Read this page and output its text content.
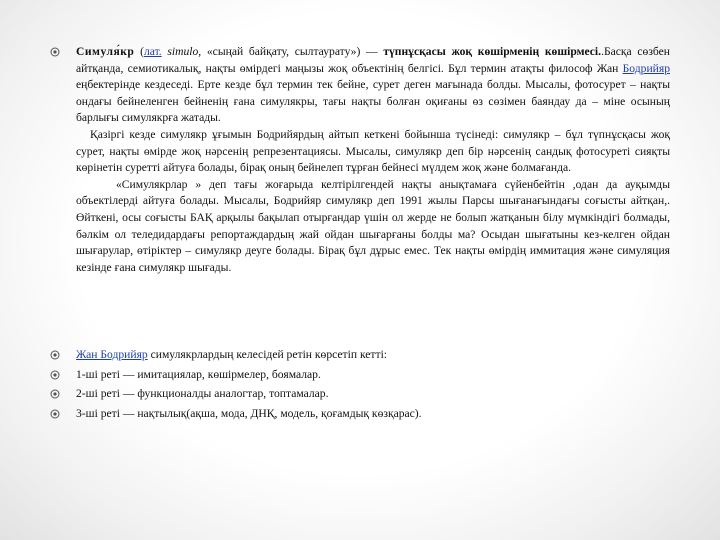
Симуля́кр (лат. simulo, «сыңай байқату, сылтаурату») — түпнұсқасы жоқ көшірменің көшірмесі..Басқа сөзбен айтқанда, семиотикалық, нақты өмірдегі маңызы жоқ объектінің белгісі. Бұл термин атақты философ Жан Бодрийяр еңбектерінде кездеседі. Ерте кезде бұл термин тек бейне, сурет деген мағынада болды. Мысалы, фотосурет – нақты ондағы бейнеленген бейненің ғана симулякры, тағы нақты болған оқиғаны өз сөзімен баяндау да – міне осының барлығы симулякрға жатады.

Қазіргі кезде симулякр ұғымын Бодрийярдың айтып кеткені бойынша түсінеді: симулякр – бұл түпнұсқасы жоқ сурет, нақты өмірде жоқ нәрсенің репрезентациясы. Мысалы, симулякр деп бір нәрсенің сандық фотосуреті сияқты көрінетін суретті айтуға болады, бірақ оның бейнелеп тұрған бейнесі мүлдем жоқ және болмағанда.

«Симулякрлар » деп тағы жоғарыда келтірілгендей нақты анықтамаға сүйенбейтін ,одан да ауқымды объектілерді айтуға болады. Мысалы, Бодрийяр симулякр деп 1991 жылы Парсы шығанағындағы соғысты айтқан,. Өйткені, осы соғысты БАҚ арқылы бақылап отырғандар үшін ол жерде не болып жатқанын білу мүмкіндігі болмады, бәлкім ол теледидардағы репортаждардың жай ойдан шығарғаны болды ма? Осыдан шығатыны кез-келген ойдан шығарулар, өтіріктер – симулякр деуге болады. Бірақ бұл дұрыс емес. Тек нақты өмірдің иммитация және симуляция кезінде ғана симулякр шығады.

Жан Бодрийяр симулякрлардың келесідей ретін көрсетіп кетті:

1-ші реті — имитациялар, көшірмелер, боямалар.

2-ші реті — функционалды аналогтар, топтамалар.

3-ші реті — нақтылық(ақша, мода, ДНҚ, модель, қоғамдық көзқарас).
